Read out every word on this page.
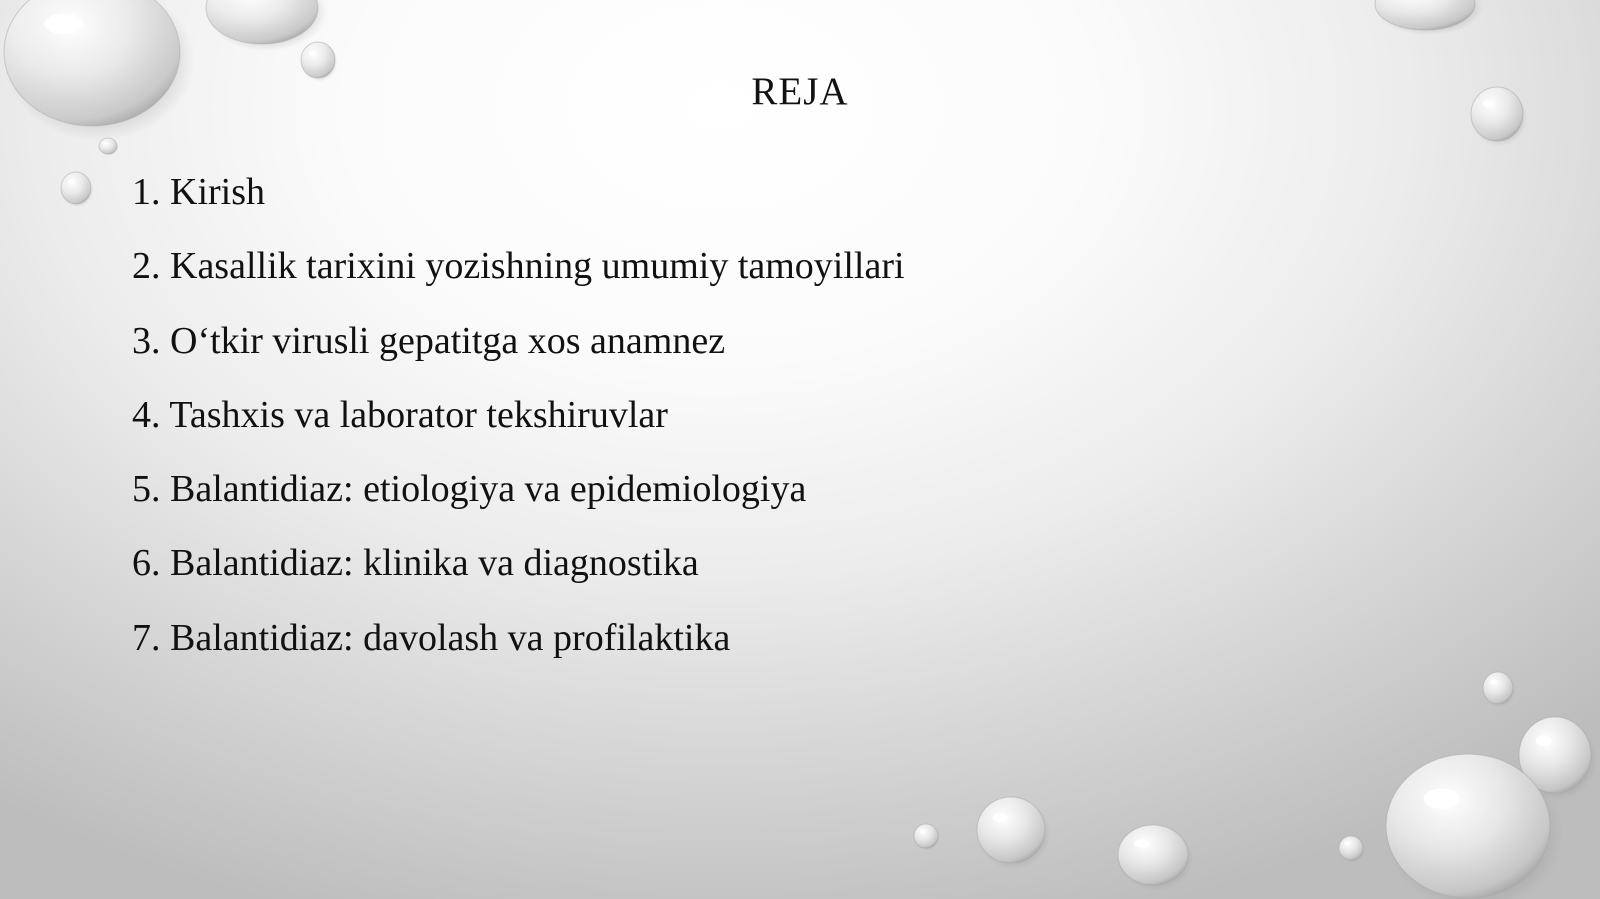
REJA
1. Kirish
2. Kasallik tarixini yozishning umumiy tamoyillari
3. O‘tkir virusli gepatitga xos anamnez
4. Tashxis va laborator tekshiruvlar
5. Balantidiaz: etiologiya va epidemiologiya
6. Balantidiaz: klinika va diagnostika
7. Balantidiaz: davolash va profilaktika
